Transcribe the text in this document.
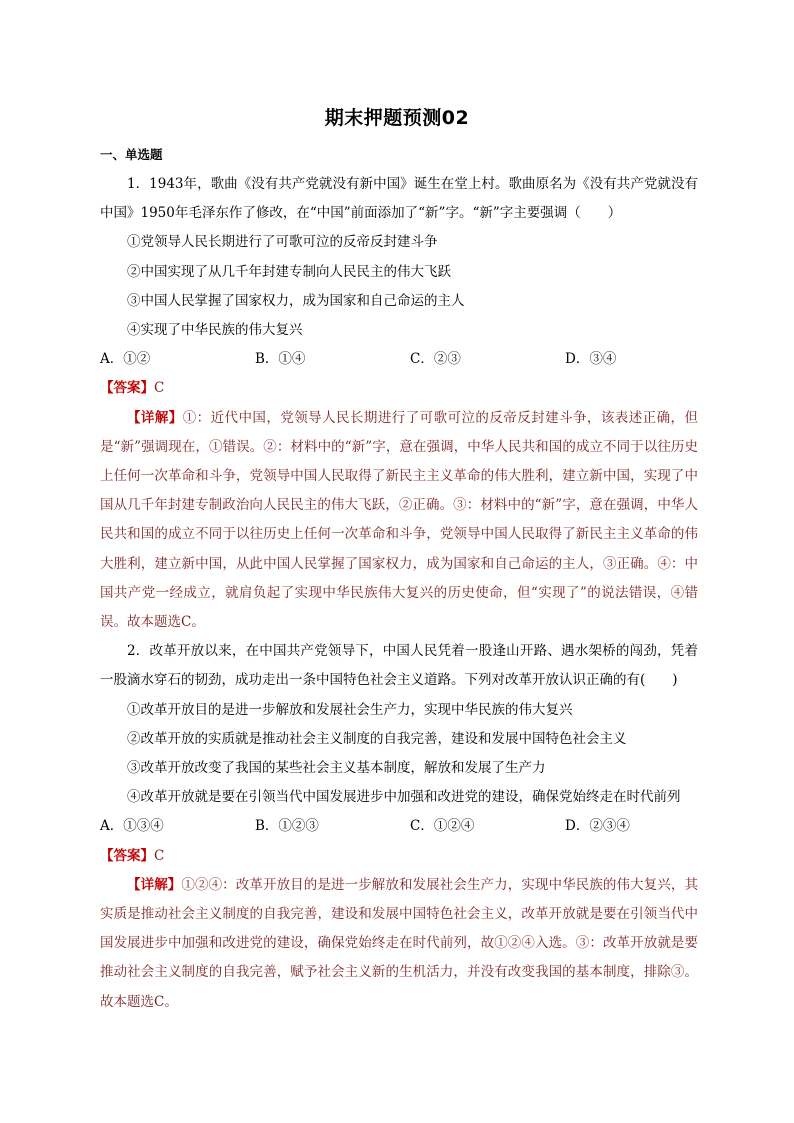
期末押题预测02
一、单选题

1．1943年，歌曲《没有共产党就没有新中国》诞生在堂上村。歌曲原名为《没有共产党就没有中国》1950年毛泽东作了修改，在“中国”前面添加了“新”字。“新”字主要强调（　　）

①党领导人民长期进行了可歌可泣的反帝反封建斗争

②中国实现了从几千年封建专制向人民民主的伟大飞跃

③中国人民掌握了国家权力，成为国家和自己命运的主人

④实现了中华民族的伟大复兴

A．①②	B．①④	C．②③	D．③④

【答案】C

【详解】①：近代中国，党领导人民长期进行了可歌可泣的反帝反封建斗争，该表述正确，但是“新”强调现在，①错误。②：材料中的“新”字，意在强调，中华人民共和国的成立不同于以往历史上任何一次革命和斗争，党领导中国人民取得了新民主主义革命的伟大胜利，建立新中国，实现了中国从几千年封建专制政治向人民民主的伟大飞跃，②正确。③：材料中的“新”字，意在强调，中华人民共和国的成立不同于以往历史上任何一次革命和斗争，党领导中国人民取得了新民主主义革命的伟大胜利，建立新中国，从此中国人民掌握了国家权力，成为国家和自己命运的主人，③正确。④：中国共产党一经成立，就肩负起了实现中华民族伟大复兴的历史使命，但“实现了”的说法错误，④错误。故本题选C。

2．改革开放以来，在中国共产党领导下，中国人民凭着一股逢山开路、遇水架桥的闯劲，凭着一股滴水穿石的韧劲，成功走出一条中国特色社会主义道路。下列对改革开放认识正确的有(　　)

①改革开放目的是进一步解放和发展社会生产力，实现中华民族的伟大复兴

②改革开放的实质就是推动社会主义制度的自我完善，建设和发展中国特色社会主义

③改革开放改变了我国的某些社会主义基本制度，解放和发展了生产力

④改革开放就是要在引领当代中国发展进步中加强和改进党的建设，确保党始终走在时代前列

A．①③④	B．①②③	C．①②④	D．②③④

【答案】C

【详解】①②④：改革开放目的是进一步解放和发展社会生产力，实现中华民族的伟大复兴，其实质是推动社会主义制度的自我完善，建设和发展中国特色社会主义，改革开放就是要在引领当代中国发展进步中加强和改进党的建设，确保党始终走在时代前列，故①②④入选。③：改革开放就是要推动社会主义制度的自我完善，赋予社会主义新的生机活力，并没有改变我国的基本制度，排除③。故本题选C。
